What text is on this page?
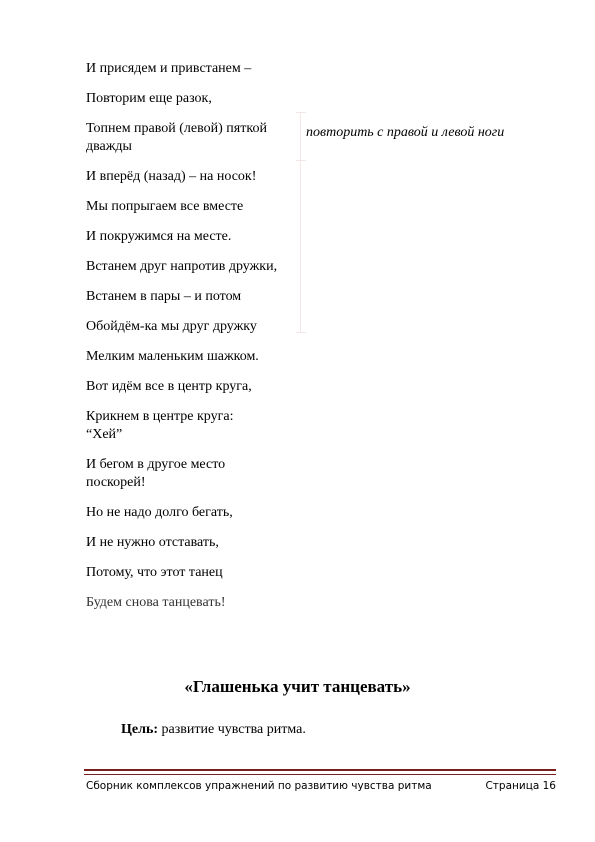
И присядем и привстанем –
Повторим еще разок,
Топнем правой (левой) пяткой дважды
И вперёд (назад) – на носок!
Мы попрыгаем все вместе
И покружимся на месте.
Встанем друг напротив дружки,
Встанем в пары – и потом
Обойдём-ка мы друг дружку
Мелким маленьким шажком.
Вот идём все в центр круга,
Крикнем в центре круга: “Хей”
И бегом в другое место поскорей!
Но не надо долго бегать,
И не нужно отставать,
Потому, что этот танец
Будем снова танцевать!
повторить с правой и левой ноги
«Глашенька учит танцевать»
Цель: развитие чувства ритма.
Сборник комплексов упражнений по развитию чувства ритма	Страница 16
